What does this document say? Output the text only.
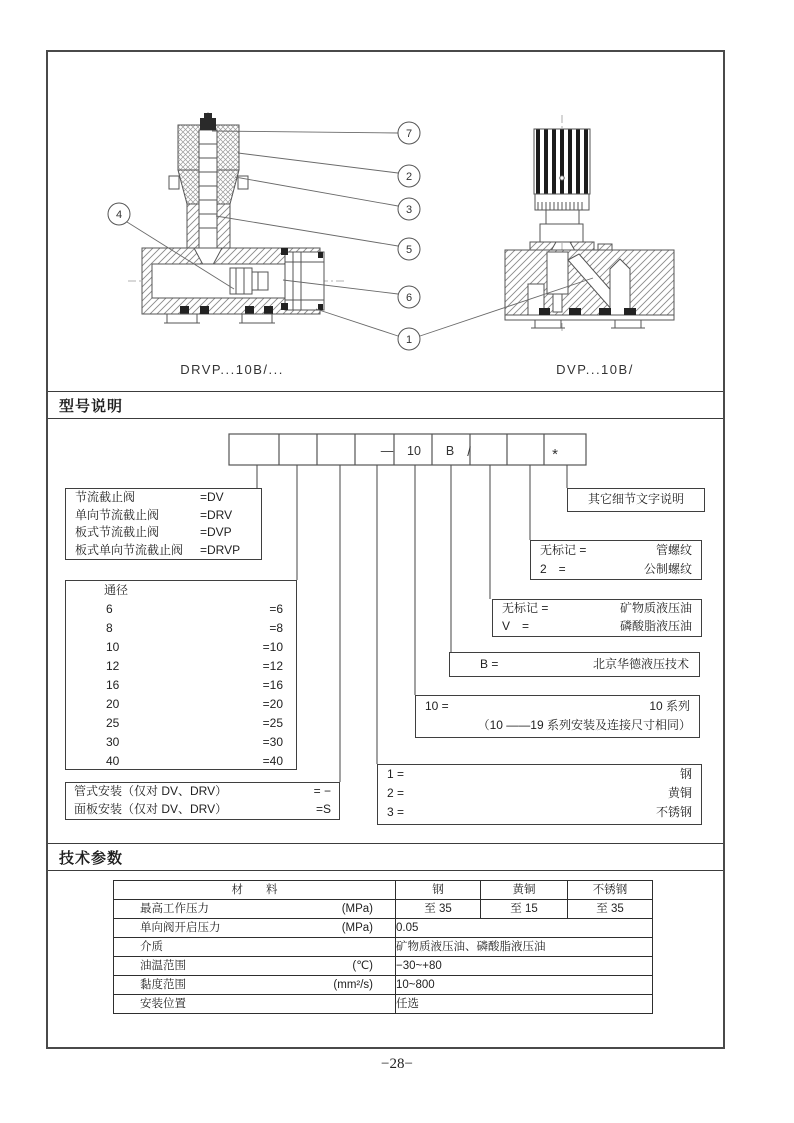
7
2
3
5
6
1
4
DRVP...10B/...	DVP...10B/
型号说明
— 10 B /	*
节流截止阀	=DV
单向节流截止阀	=DRV
板式节流截止阀	=DVP
板式单向节流截止阀 =DRVP
通径
6	=6
8	=8
10	=10
12	=12
16	=16
20	=20
25	=25
30	=30
40	=40
管式安装（仅对 DV、DRV）	= −
面板安装（仅对 DV、DRV）	=S
其它细节文字说明
无标记 =	管螺纹
2　=	公制螺纹
无标记 =	矿物质液压油
V　=	磷酸脂液压油
B =	北京华德液压技术
10 =	10 系列
（10 ——19 系列安装及连接尺寸相同）
1 =	钢
2 =	黄铜
3 =	不锈钢
技术参数
材　　料	钢	黄铜	不锈钢

最高工作压力 (MPa)	至 35	至 15	至 35

单向阀开启压力 (MPa)	0.05		

介质	矿物质液压油、磷酸脂液压油		

油温范围 (℃)	−30~+80		

黏度范围 (mm²/s)	10~800		

安装位置	任选		
−28−
